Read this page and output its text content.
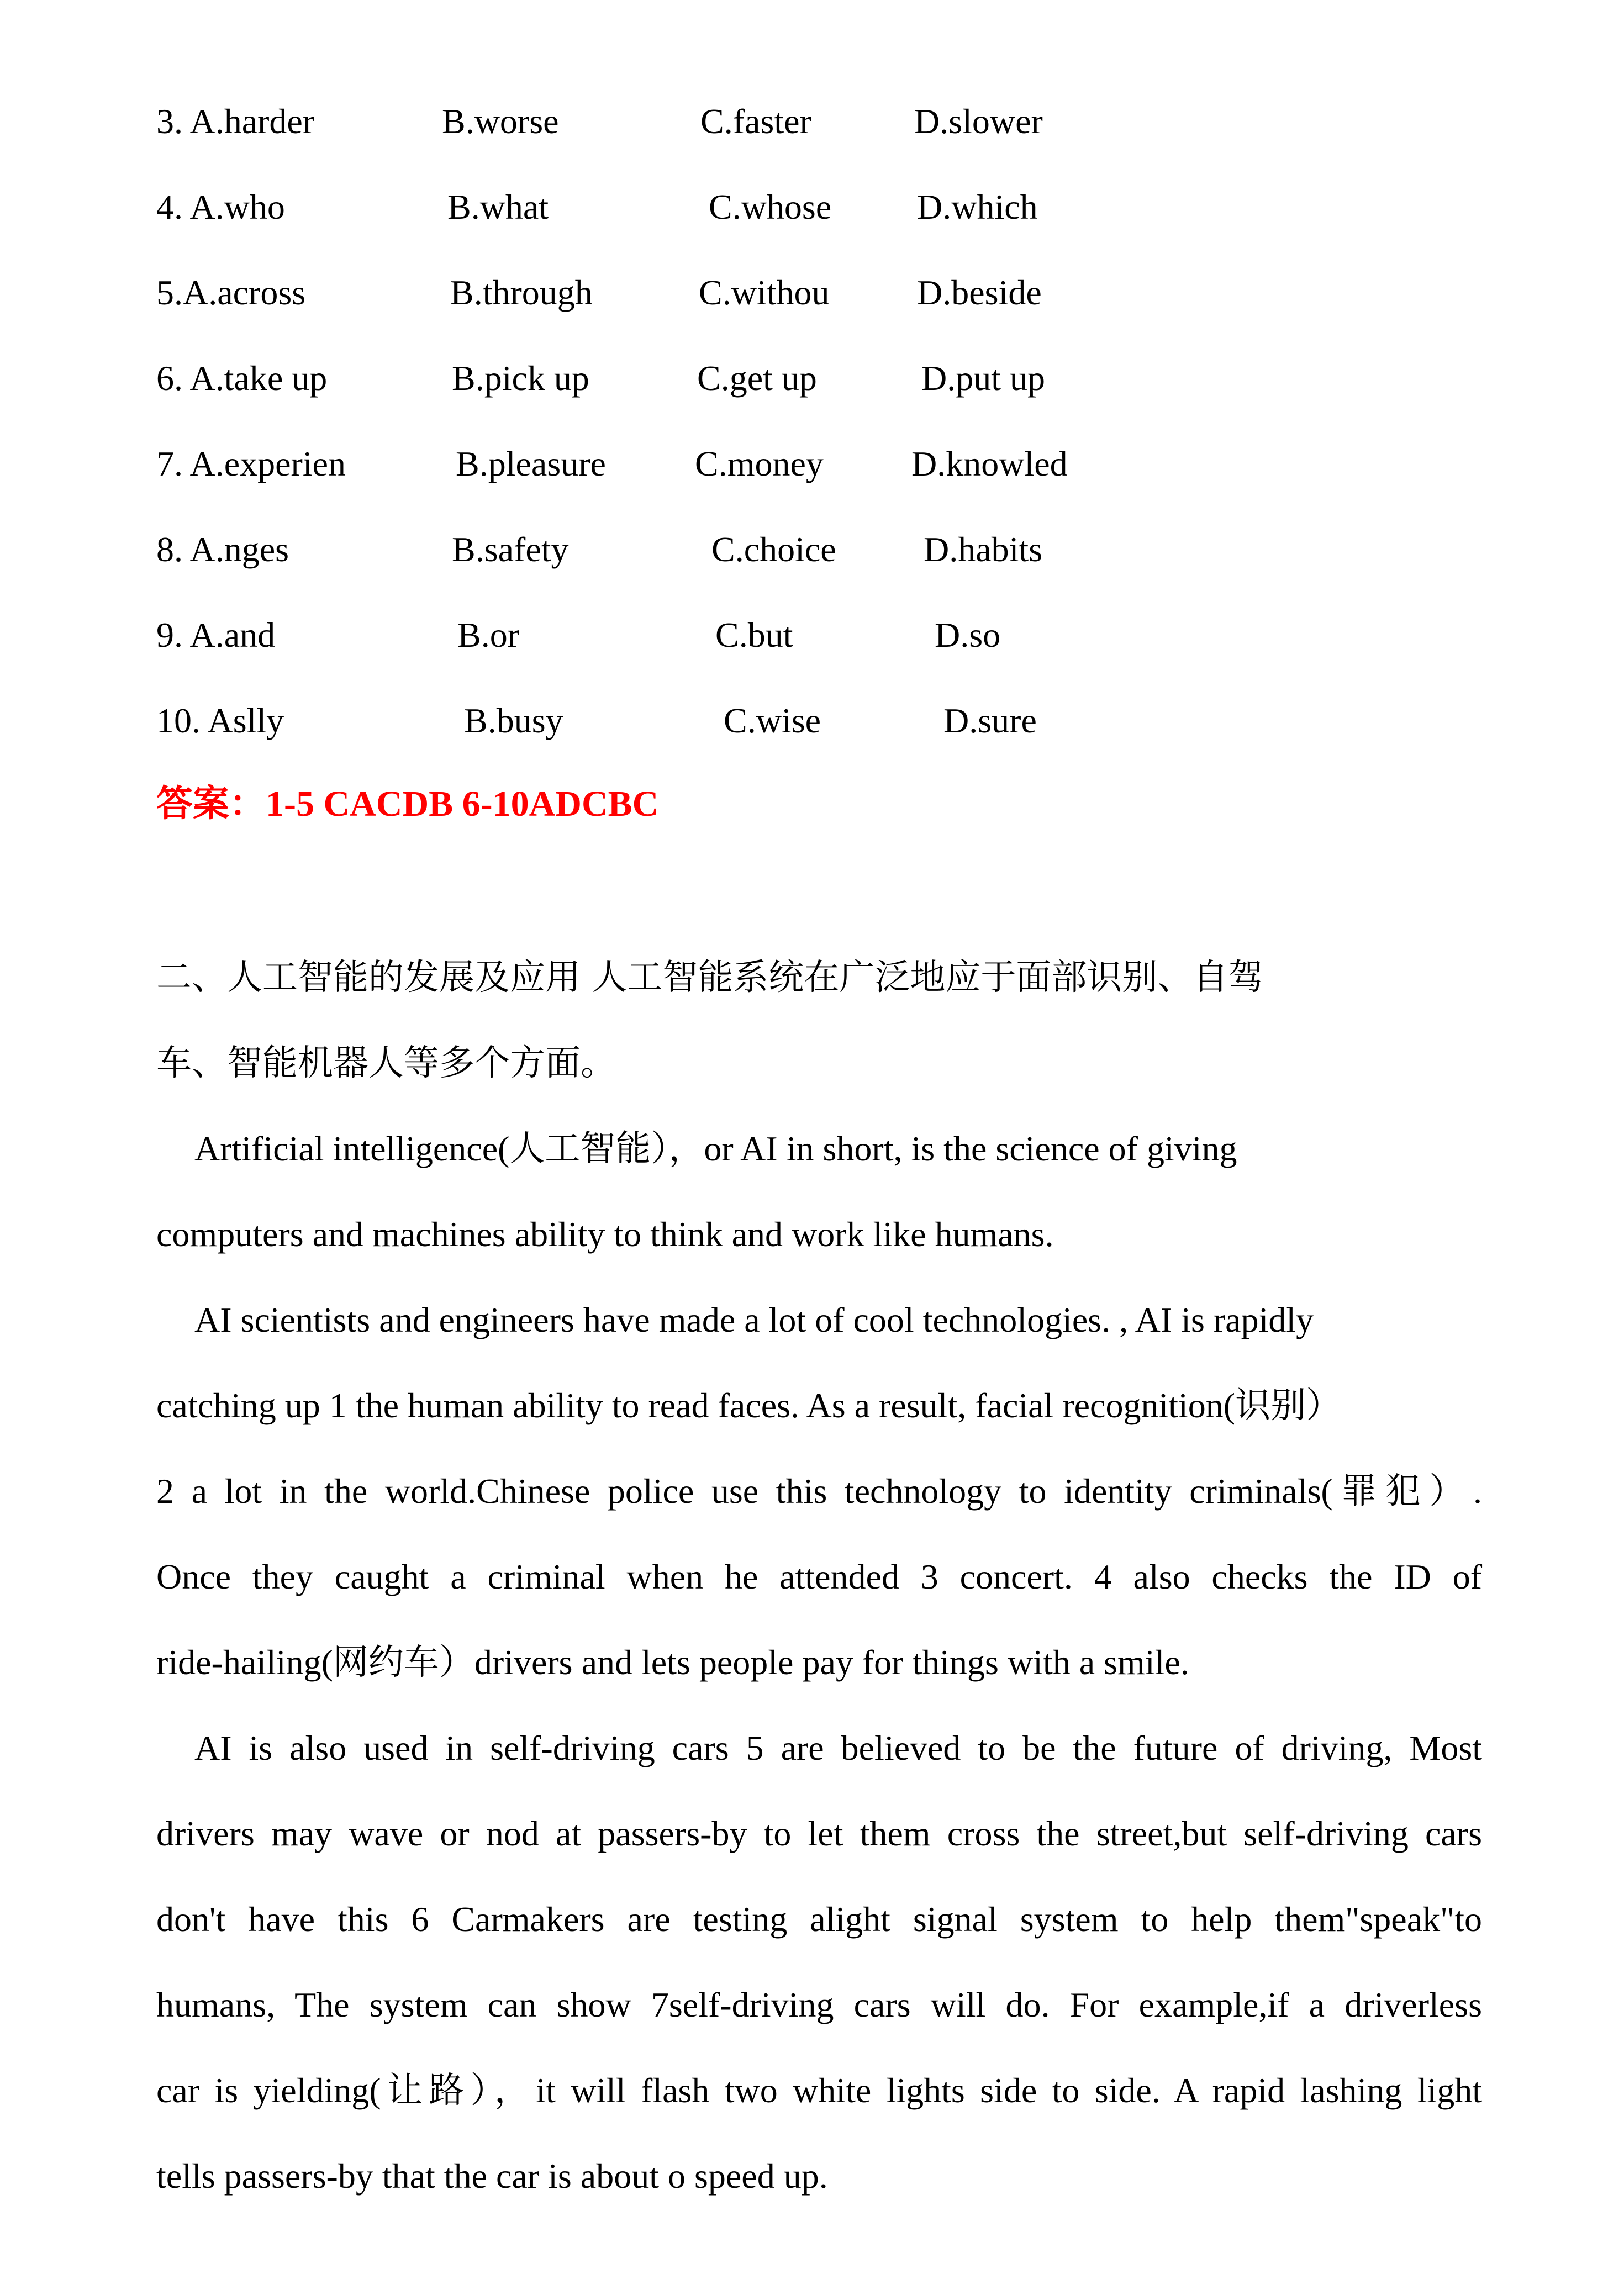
3. A.harder	B.worse	C.faster	D.slower
4. A.who	B.what	C.whose D.which
5.A.across	B.through	C.withou D.beside
6. A.take up	B.pick up	C.get up	D.put up
7. A.experien	B.pleasure	C.money D.knowled
8. A.nges	B.safety	C.choice D.habits
9. A.and	B.or	C.but	D.so
10. Aslly	B.busy	C.wise	D.sure
答案：1-5 CACDB 6-10ADCBC
二、人工智能的发展及应用 人工智能系统在广泛地应于面部识别、自驾
车、智能机器人等多个方面。
Artificial intelligence(人工智能），or AI in short, is the science of giving
computers and machines ability to think and work like humans.
AI scientists and engineers have made a lot of cool technologies. , AI is rapidly
catching up 1 the human ability to read faces. As a result, facial recognition(识别）
2 a lot in the world.Chinese police use this technology to identity criminals(罪犯）.
Once they caught a criminal when he attended 3 concert. 4 also checks the ID of
ride-hailing(网约车）drivers and lets people pay for things with a smile.
AI is also used in self-driving cars 5 are believed to be the future of driving, Most
drivers may wave or nod at passers-by to let them cross the street,but self-driving cars
don't have this 6 Carmakers are testing alight signal system to help them"speak"to
humans, The system can show 7self-driving cars will do. For example,if a driverless
car is yielding(让路），it will flash two white lights side to side. A rapid lashing light
tells passers-by that the car is about o speed up.
